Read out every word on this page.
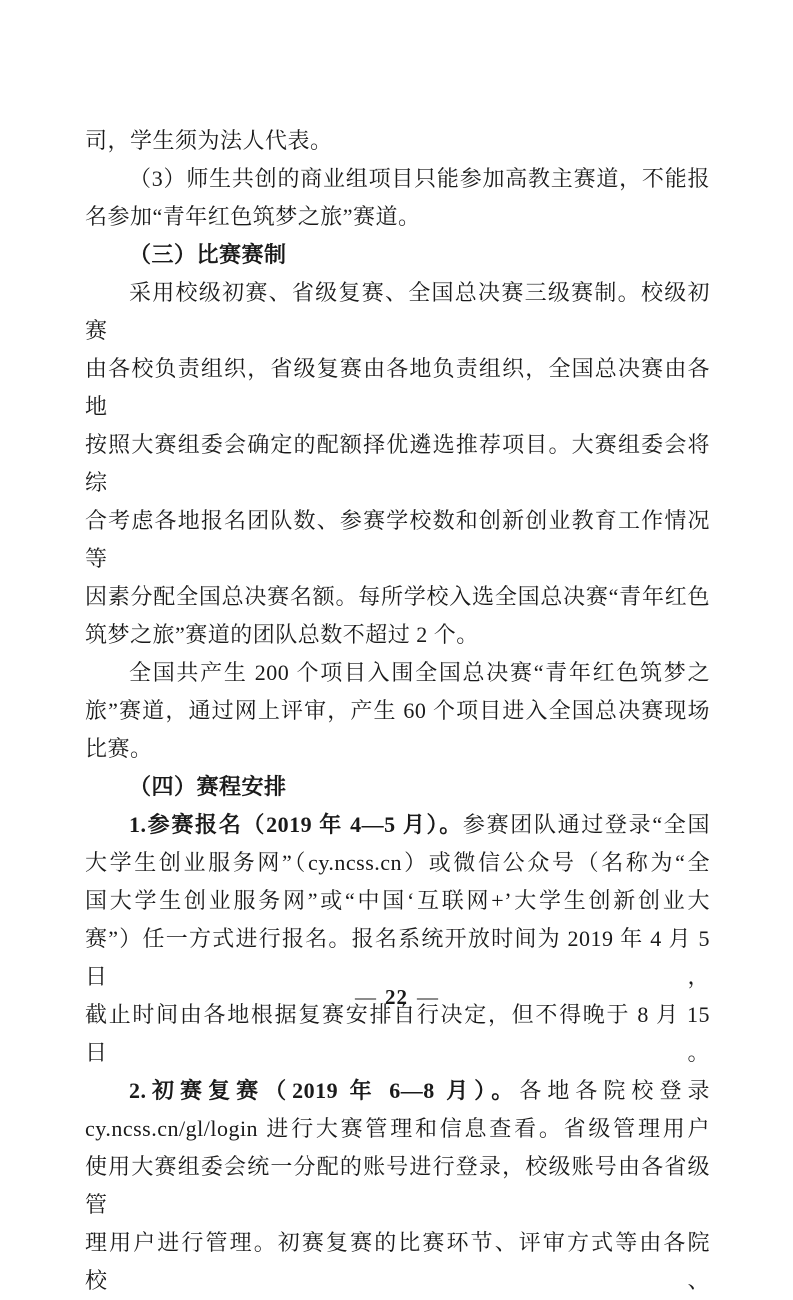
司，学生须为法人代表。
（3）师生共创的商业组项目只能参加高教主赛道，不能报
名参加“青年红色筑梦之旅”赛道。
（三）比赛赛制
采用校级初赛、省级复赛、全国总决赛三级赛制。校级初赛
由各校负责组织，省级复赛由各地负责组织，全国总决赛由各地
按照大赛组委会确定的配额择优遴选推荐项目。大赛组委会将综
合考虑各地报名团队数、参赛学校数和创新创业教育工作情况等
因素分配全国总决赛名额。每所学校入选全国总决赛“青年红色
筑梦之旅”赛道的团队总数不超过 2 个。
全国共产生 200 个项目入围全国总决赛“青年红色筑梦之
旅”赛道，通过网上评审，产生 60 个项目进入全国总决赛现场
比赛。
（四）赛程安排
1.参赛报名（2019 年 4—5 月）。参赛团队通过登录“全国
大学生创业服务网”（cy.ncss.cn）或微信公众号（名称为“全
国大学生创业服务网”或“中国‘互联网+’大学生创新创业大
赛”）任一方式进行报名。报名系统开放时间为 2019 年 4 月 5 日，
截止时间由各地根据复赛安排自行决定，但不得晚于 8 月 15 日。
2.初赛复赛（2019 年 6—8 月）。各地各院校登录
cy.ncss.cn/gl/login 进行大赛管理和信息查看。省级管理用户
使用大赛组委会统一分配的账号进行登录，校级账号由各省级管
理用户进行管理。初赛复赛的比赛环节、评审方式等由各院校、
— 22 —
